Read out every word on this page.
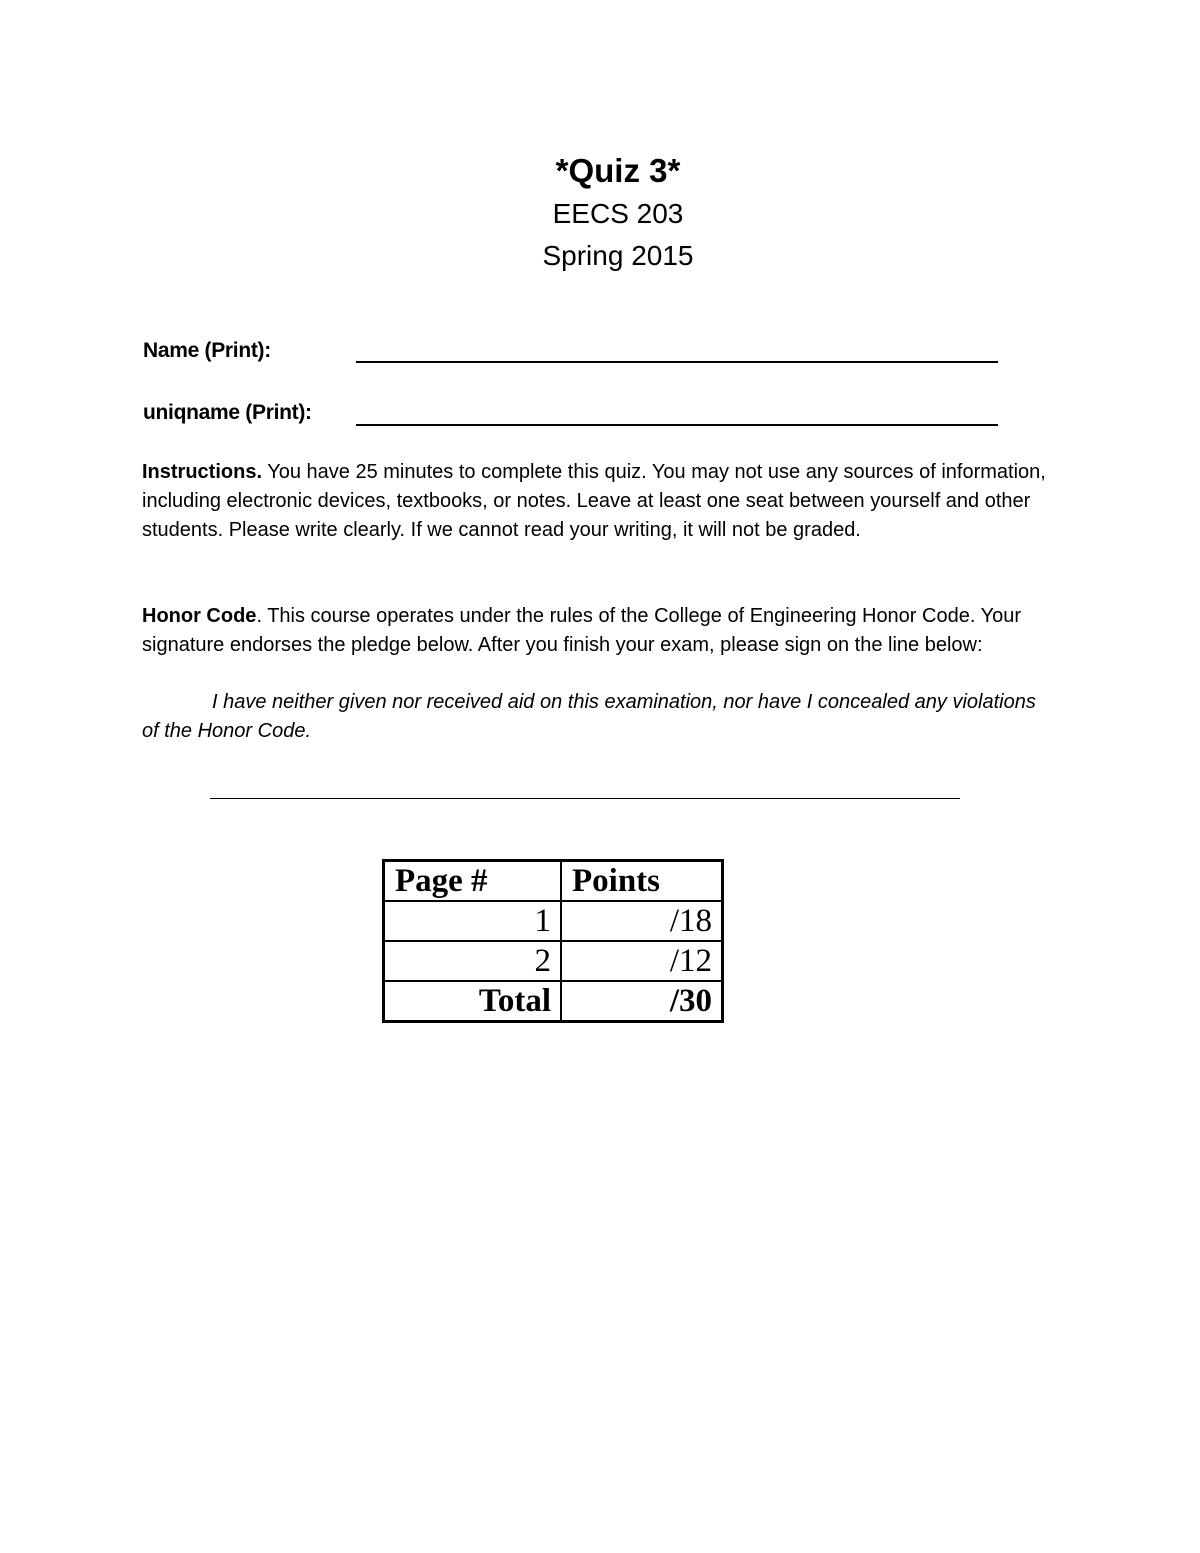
*Quiz 3*
EECS 203
Spring 2015
Name (Print):
uniqname (Print):
Instructions. You have 25 minutes to complete this quiz. You may not use any sources of information, including electronic devices, textbooks, or notes. Leave at least one seat between yourself and other students. Please write clearly. If we cannot read your writing, it will not be graded.
Honor Code. This course operates under the rules of the College of Engineering Honor Code. Your signature endorses the pledge below. After you finish your exam, please sign on the line below:
I have neither given nor received aid on this examination, nor have I concealed any violations of the Honor Code.
Page #	Points
1	/18
2	/12
Total	/30
